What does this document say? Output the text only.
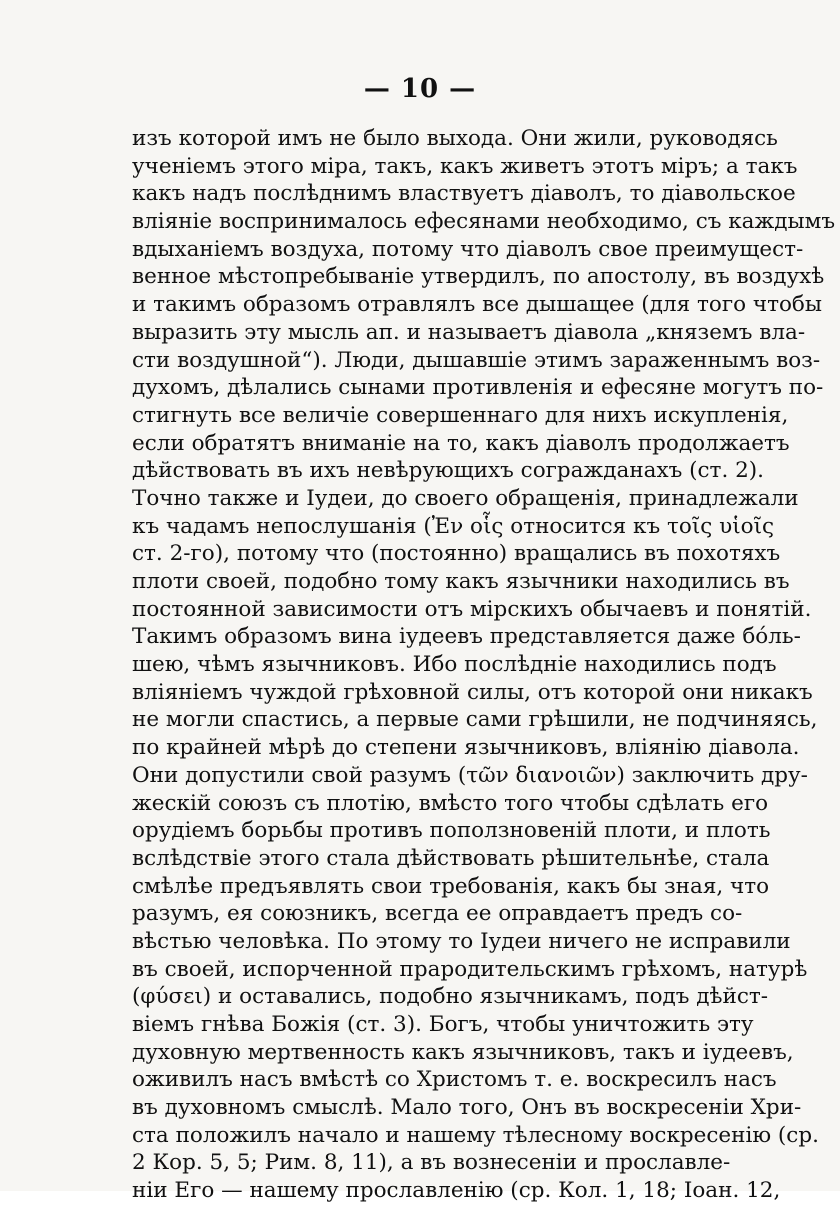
— 10 —
изъ которой имъ не было выхода. Они жили, руководясь
ученіемъ этого міра, такъ, какъ живетъ этотъ міръ; а такъ
какъ надъ послѣднимъ властвуетъ діаволъ, то діавольское
вліяніе воспринималось ефесянами необходимо, съ каждымъ
вдыханіемъ воздуха, потому что діаволъ свое преимущест-
венное мѣстопребываніе утвердилъ, по апостолу, въ воздухѣ
и такимъ образомъ отравлялъ все дышащее (для того чтобы
выразить эту мысль ап. и называетъ діавола „княземъ вла-
сти воздушной“). Люди, дышавшіе этимъ зараженнымъ воз-
духомъ, дѣлались сынами противленія и ефесяне могутъ по-
стигнуть все величіе совершеннаго для нихъ искупленія,
если обратятъ вниманіе на то, какъ діаволъ продолжаетъ
дѣйствовать въ ихъ невѣрующихъ согражданахъ (ст. 2).
Точно также и Іудеи, до своего обращенія, принадлежали
къ чадамъ непослушанія (Ἐν οἷς относится къ τοῖς υἱοῖς
ст. 2-го), потому что (постоянно) вращались въ похотяхъ
плоти своей, подобно тому какъ язычники находились въ
постоянной зависимости отъ мірскихъ обычаевъ и понятій.
Такимъ образомъ вина іудеевъ представляется даже бóль-
шею, чѣмъ язычниковъ. Ибо послѣдніе находились подъ
вліяніемъ чуждой грѣховной силы, отъ которой они никакъ
не могли спастись, а первые сами грѣшили, не подчиняясь,
по крайней мѣрѣ до степени язычниковъ, вліянію діавола.
Они допустили свой разумъ (τῶν διανοιῶν) заключить дру-
жескій союзъ съ плотію, вмѣсто того чтобы сдѣлать его
орудіемъ борьбы противъ поползновеній плоти, и плоть
вслѣдствіе этого стала дѣйствовать рѣшительнѣе, стала
смѣлѣе предъявлять свои требованія, какъ бы зная, что
разумъ, ея союзникъ, всегда ее оправдаетъ предъ со-
вѣстью человѣка. По этому то Іудеи ничего не исправили
въ своей, испорченной прародительскимъ грѣхомъ, натурѣ
(φύσει) и оставались, подобно язычникамъ, подъ дѣйст-
віемъ гнѣва Божія (ст. 3). Богъ, чтобы уничтожить эту
духовную мертвенность какъ язычниковъ, такъ и іудеевъ,
оживилъ насъ вмѣстѣ со Христомъ т. е. воскресилъ насъ
въ духовномъ смыслѣ. Мало того, Онъ въ воскресеніи Хри-
ста положилъ начало и нашему тѣлесному воскресенію (ср.
2 Кор. 5, 5; Рим. 8, 11), а въ вознесеніи и прославле-
ніи Его — нашему прославленію (ср. Кол. 1, 18; Іоан. 12,
